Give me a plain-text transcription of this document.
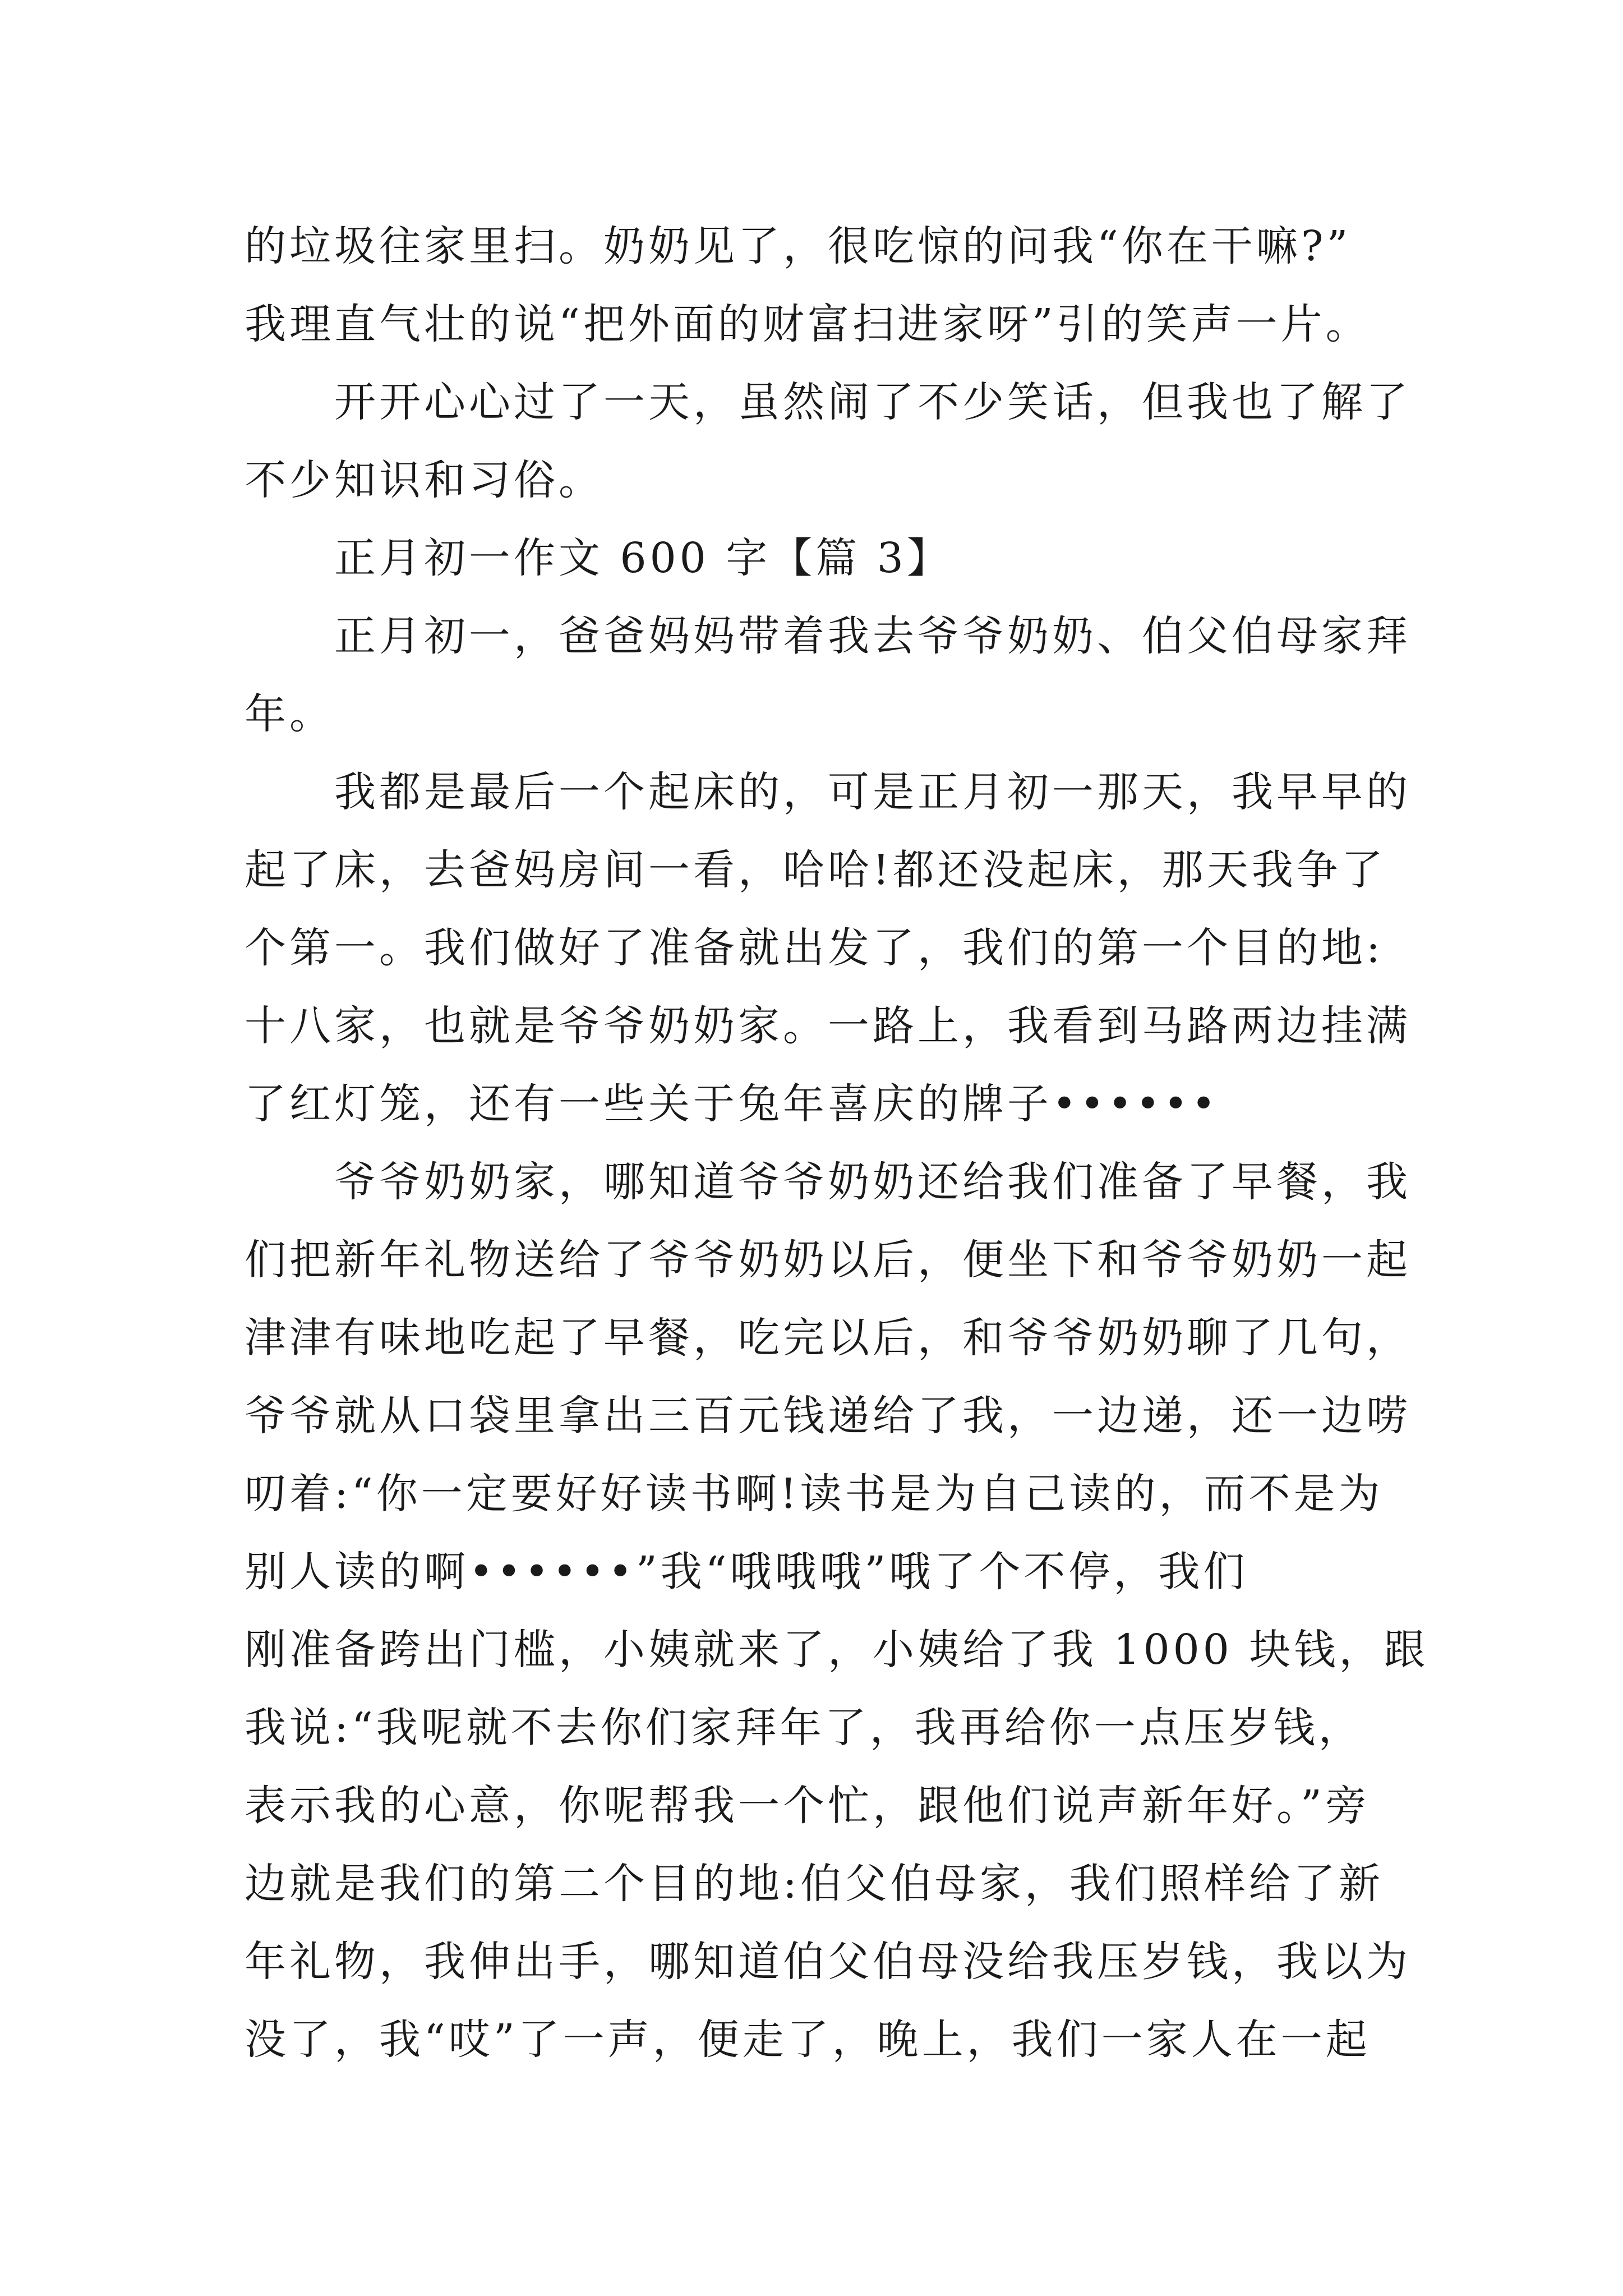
的垃圾往家里扫。奶奶见了，很吃惊的问我“你在干嘛?”
我理直气壮的说“把外面的财富扫进家呀”引的笑声一片。
开开心心过了一天，虽然闹了不少笑话，但我也了解了
不少知识和习俗。
正月初一作文 600 字【篇 3】
正月初一，爸爸妈妈带着我去爷爷奶奶、伯父伯母家拜
年。
我都是最后一个起床的，可是正月初一那天，我早早的
起了床，去爸妈房间一看，哈哈!都还没起床，那天我争了
个第一。我们做好了准备就出发了，我们的第一个目的地:
十八家，也就是爷爷奶奶家。一路上，我看到马路两边挂满
了红灯笼，还有一些关于兔年喜庆的牌子••••••
爷爷奶奶家，哪知道爷爷奶奶还给我们准备了早餐，我
们把新年礼物送给了爷爷奶奶以后，便坐下和爷爷奶奶一起
津津有味地吃起了早餐，吃完以后，和爷爷奶奶聊了几句，
爷爷就从口袋里拿出三百元钱递给了我，一边递，还一边唠
叨着:“你一定要好好读书啊!读书是为自己读的，而不是为
别人读的啊••••••”我“哦哦哦”哦了个不停，我们
刚准备跨出门槛，小姨就来了，小姨给了我 1000 块钱，跟
我说:“我呢就不去你们家拜年了，我再给你一点压岁钱，
表示我的心意，你呢帮我一个忙，跟他们说声新年好。”旁
边就是我们的第二个目的地:伯父伯母家，我们照样给了新
年礼物，我伸出手，哪知道伯父伯母没给我压岁钱，我以为
没了，我“哎”了一声，便走了，晚上，我们一家人在一起
